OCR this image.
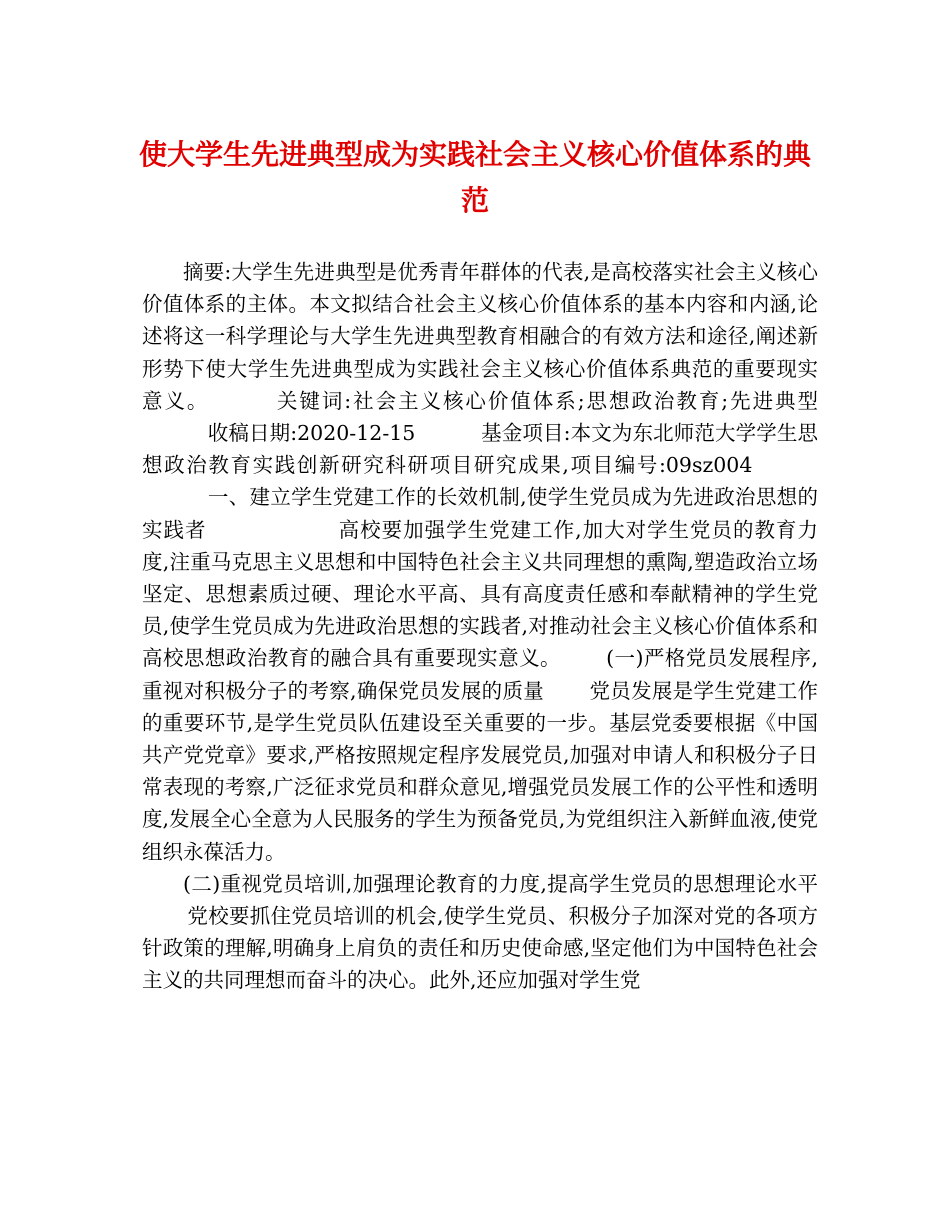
使大学生先进典型成为实践社会主义核心价值体系的典范

摘要:大学生先进典型是优秀青年群体的代表,是高校落实社会主义核心价值体系的主体。本文拟结合社会主义核心价值体系的基本内容和内涵,论述将这一科学理论与大学生先进典型教育相融合的有效方法和途径,阐述新形势下使大学生先进典型成为实践社会主义核心价值体系典范的重要现实意义。	关键词:社会主义核心价值体系;思想政治教育;先进典型收稿日期:2020-12-15	基金项目:本文为东北师范大学学生思想政治教育实践创新研究科研项目研究成果,项目编号:09sz004一、建立学生党建工作的长效机制,使学生党员成为先进政治思想的实践者	高校要加强学生党建工作,加大对学生党员的教育力度,注重马克思主义思想和中国特色社会主义共同理想的熏陶,塑造政治立场坚定、思想素质过硬、理论水平高、具有高度责任感和奉献精神的学生党员,使学生党员成为先进政治思想的实践者,对推动社会主义核心价值体系和高校思想政治教育的融合具有重要现实意义。 (一)严格党员发展程序,重视对积极分子的考察,确保党员发展的质量 党员发展是学生党建工作的重要环节,是学生党员队伍建设至关重要的一步。基层党委要根据《中国共产党党章》要求,严格按照规定程序发展党员,加强对申请人和积极分子日常表现的考察,广泛征求党员和群众意见,增强党员发展工作的公平性和透明度,发展全心全意为人民服务的学生为预备党员,为党组织注入新鲜血液,使党组织永葆活力。

(二)重视党员培训,加强理论教育的力度,提高学生党员的思想理论水平党校要抓住党员培训的机会,使学生党员、积极分子加深对党的各项方针政策的理解,明确身上肩负的责任和历史使命感,坚定他们为中国特色社会主义的共同理想而奋斗的决心。此外,还应加强对学生党
